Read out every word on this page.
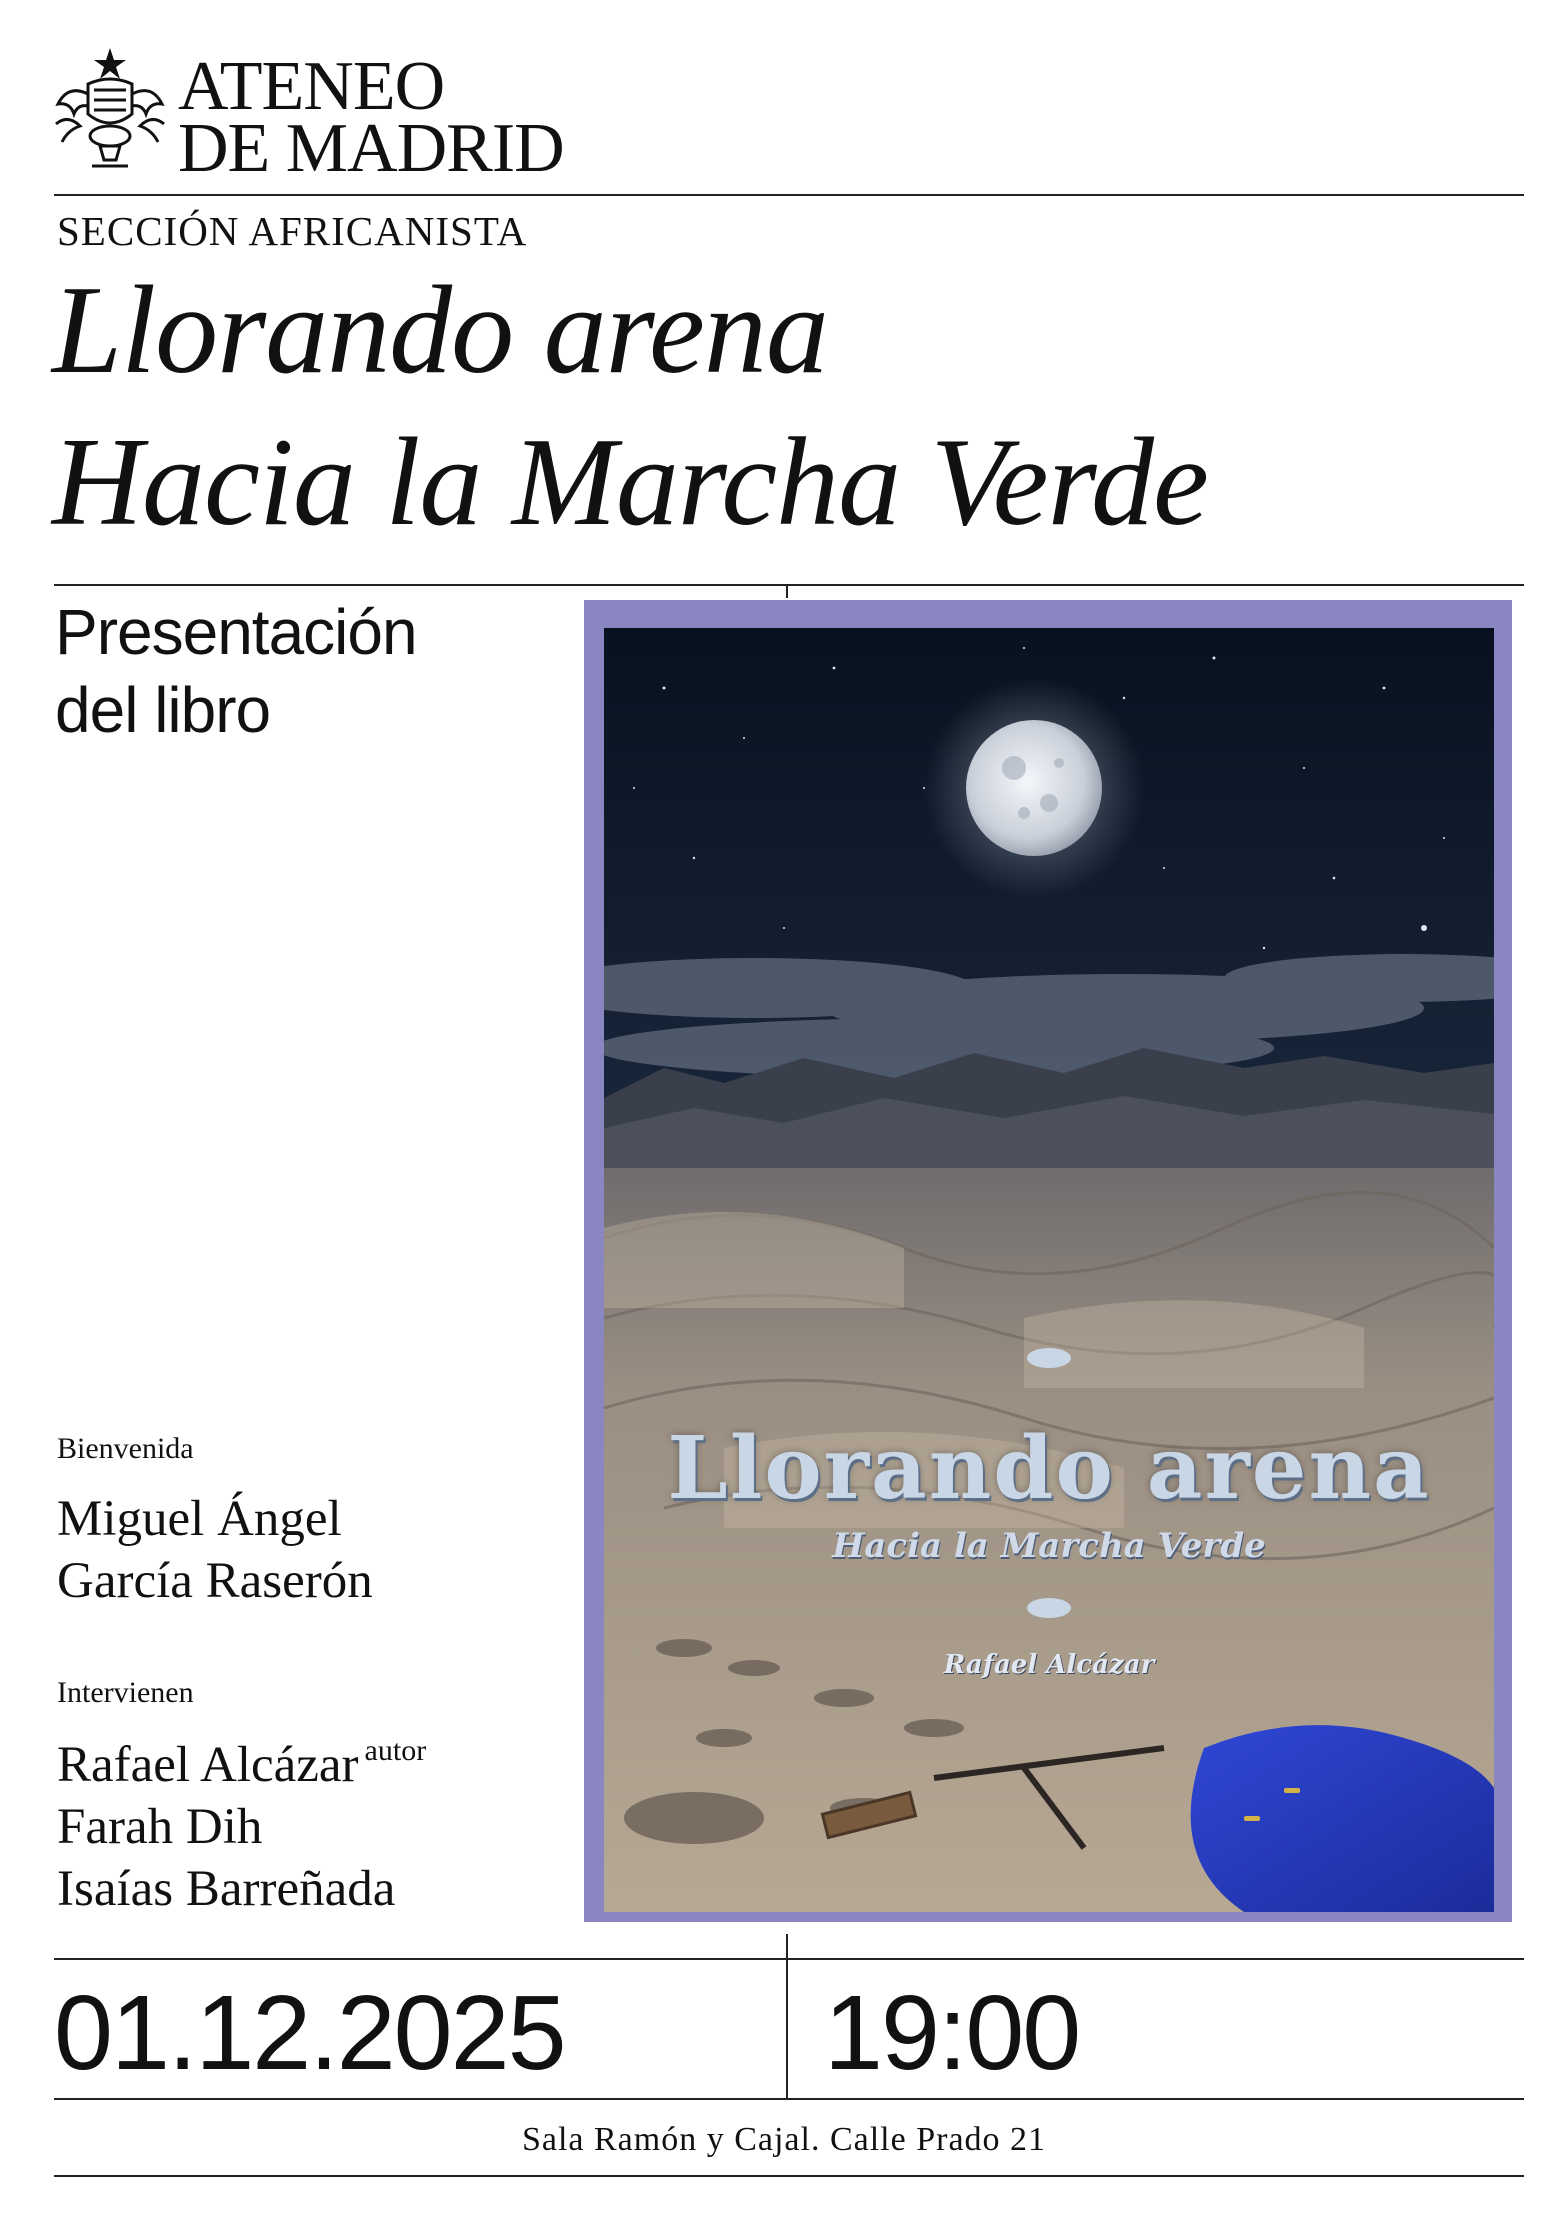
ATENEO
DE MADRID
SECCIÓN AFRICANISTA
Llorando arena
Hacia la Marcha Verde
Presentación
del libro
Bienvenida
Miguel Ángel
García Raserón
Intervienen
Rafael Alcázar $^{autor}$
Farah Dih
Isaías Barreñada
Llorando arena
Hacia la Marcha Verde
Rafael Alcázar
01.12.2025 19:00
Sala Ramón y Cajal. Calle Prado 21
